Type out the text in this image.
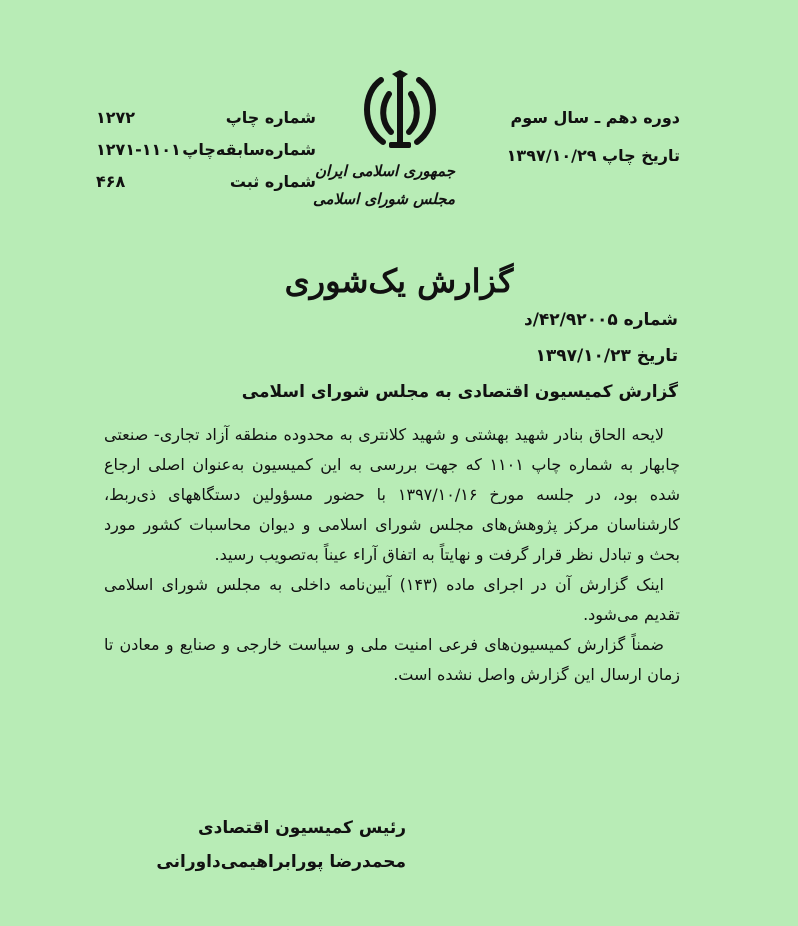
دوره دهم ـ سال سوم
تاریخ چاپ ۱۳۹۷/۱۰/۲۹
جمهوری اسلامی ایران
مجلس شورای اسلامی
شماره چاپ
۱۲۷۲
شماره‌سابقه‌چاپ
۱۲۷۱-۱۱۰۱
شماره ثبت
۴۶۸
گزارش یک‌شوری
شماره ۴۲/۹۲۰۰۵/د
تاریخ ۱۳۹۷/۱۰/۲۳
گزارش کمیسیون اقتصادی به مجلس شورای اسلامی

لایحه الحاق بنادر شهید بهشتی و شهید کلانتری به محدوده منطقه آزاد تجاری- صنعتی چابهار به شماره چاپ ۱۱۰۱ که جهت بررسی به این کمیسیون به‌عنوان اصلی ارجاع شده بود، در جلسه مورخ ۱۳۹۷/۱۰/۱۶ با حضور مسؤولین دستگاههای ذی‌ربط، کارشناسان مرکز پژوهش‌های مجلس شورای اسلامی و دیوان محاسبات کشور مورد بحث و تبادل نظر قرار گرفت و نهایتاً به اتفاق آراء عیناً به‌تصویب رسید.

اینک گزارش آن در اجرای ماده (۱۴۳) آیین‌نامه داخلی به مجلس شورای اسلامی تقدیم می‌شود.

ضمناً گزارش کمیسیون‌های فرعی امنیت ملی و سیاست خارجی و صنایع و معادن تا زمان ارسال این گزارش واصل نشده است.

رئیس کمیسیون اقتصادی
محمدرضا پورابراهیمی‌داورانی
